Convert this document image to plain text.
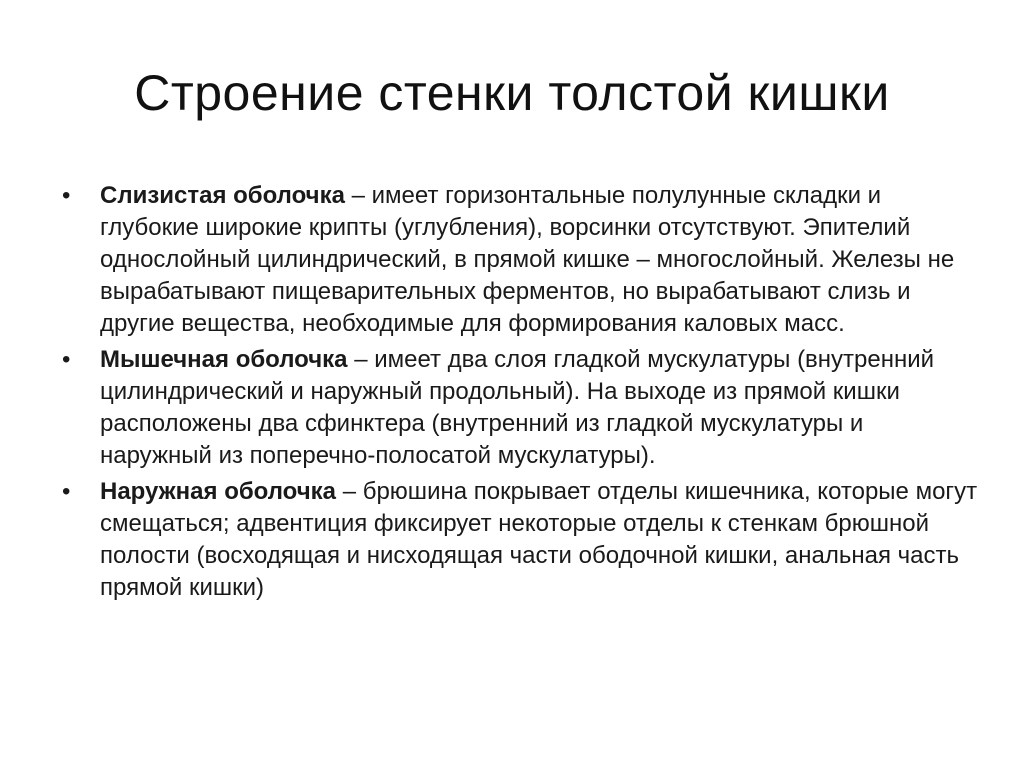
Строение стенки толстой кишки
•	Слизистая оболочка – имеет горизонтальные полулунные складки и глубокие широкие крипты (углубления), ворсинки отсутствуют. Эпителий однослойный цилиндрический, в прямой кишке – многослойный. Железы не вырабатывают пищеварительных ферментов, но вырабатывают слизь и другие вещества, необходимые для формирования каловых масс.
•	Мышечная оболочка – имеет два слоя гладкой мускулатуры (внутренний цилиндрический и наружный продольный). На выходе из прямой кишки расположены два сфинктера (внутренний из гладкой мускулатуры и наружный из поперечно-полосатой мускулатуры).
•	Наружная оболочка – брюшина покрывает отделы кишечника, которые могут смещаться; адвентиция фиксирует некоторые отделы к стенкам брюшной полости (восходящая и нисходящая части ободочной кишки, анальная часть прямой кишки)
